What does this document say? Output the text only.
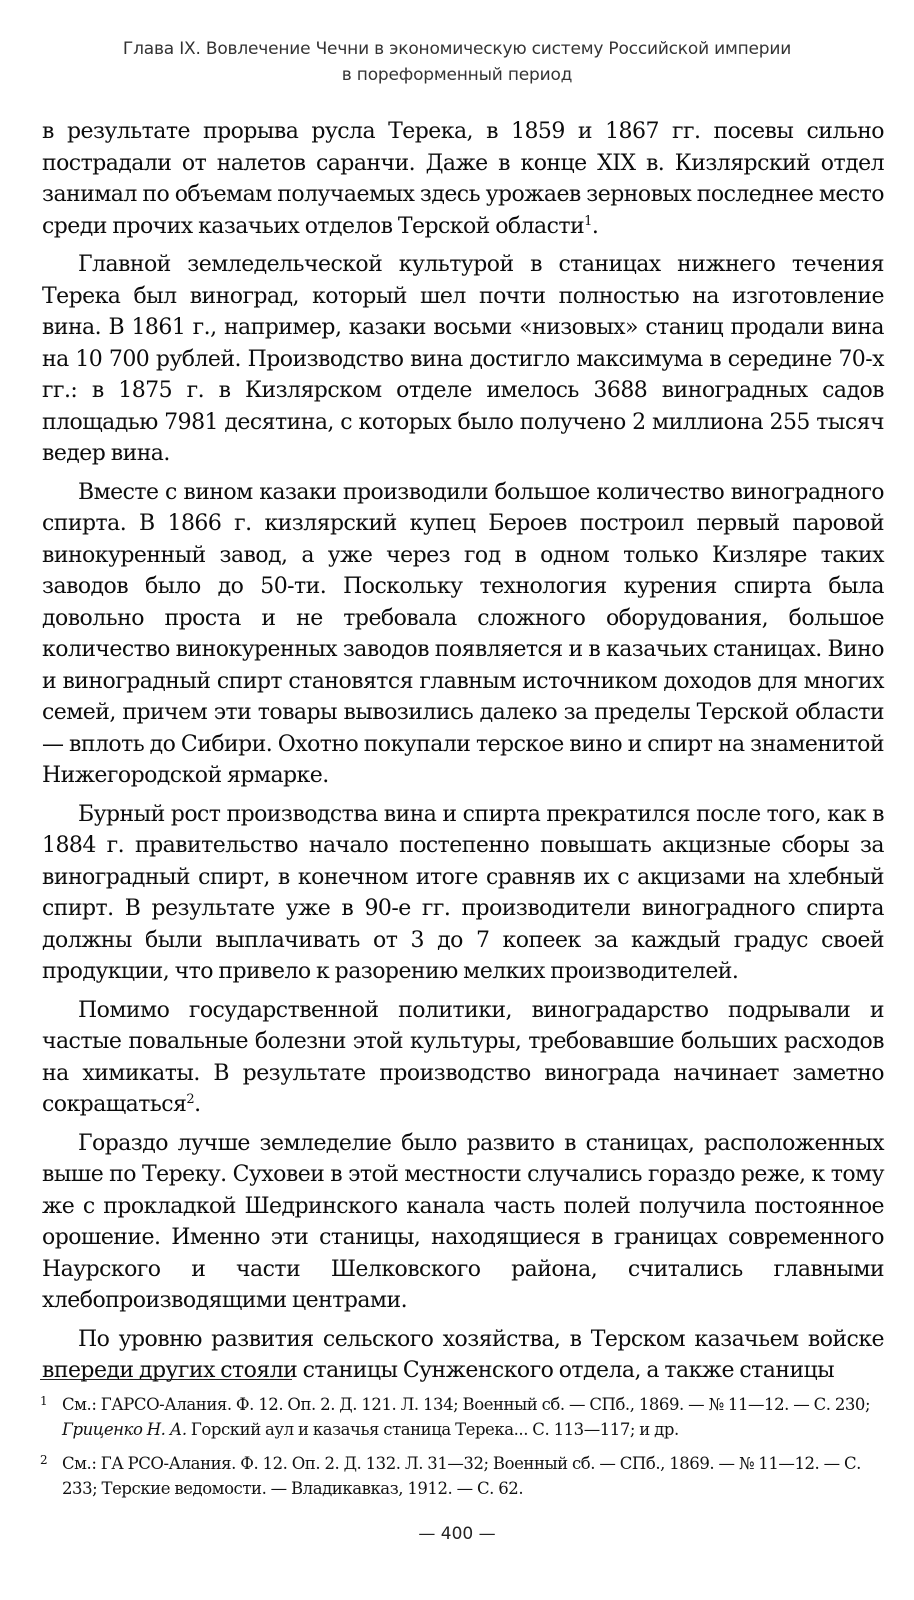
Глава IX. Вовлечение Чечни в экономическую систему Российской империи
в пореформенный период

в результате прорыва русла Терека, в 1859 и 1867 гг. посевы сильно пострадали от налетов саранчи. Даже в конце XIX в. Кизлярский отдел занимал по объемам получаемых здесь урожаев зерновых последнее место среди прочих казачьих отделов Терской области$^1$.

Главной земледельческой культурой в станицах нижнего течения Терека был виноград, который шел почти полностью на изготовление вина. В 1861 г., например, казаки восьми «низовых» станиц продали вина на 10 700 рублей. Производство вина достигло максимума в середине 70-х гг.: в 1875 г. в Кизлярском отделе имелось 3688 виноградных садов площадью 7981 десятина, с которых было получено 2 миллиона 255 тысяч ведер вина.

Вместе с вином казаки производили большое количество виноградного спирта. В 1866 г. кизлярский купец Бероев построил первый паровой винокуренный завод, а уже через год в одном только Кизляре таких заводов было до 50-ти. Поскольку технология курения спирта была довольно проста и не требовала сложного оборудования, большое количество винокуренных заводов появляется и в казачьих станицах. Вино и виноградный спирт становятся главным источником доходов для многих семей, причем эти товары вывозились далеко за пределы Терской области — вплоть до Сибири. Охотно покупали терское вино и спирт на знаменитой Нижегородской ярмарке.

Бурный рост производства вина и спирта прекратился после того, как в 1884 г. правительство начало постепенно повышать акцизные сборы за виноградный спирт, в конечном итоге сравняв их с акцизами на хлебный спирт. В результате уже в 90-е гг. производители виноградного спирта должны были выплачивать от 3 до 7 копеек за каждый градус своей продукции, что привело к разорению мелких производителей.

Помимо государственной политики, виноградарство подрывали и частые повальные болезни этой культуры, требовавшие больших расходов на химикаты. В результате производство винограда начинает заметно сокращаться$^2$.

Гораздо лучше земледелие было развито в станицах, расположенных выше по Тереку. Суховеи в этой местности случались гораздо реже, к тому же с прокладкой Шедринского канала часть полей получила постоянное орошение. Именно эти станицы, находящиеся в границах современного Наурского и части Шелковского района, считались главными хлебопроизводящими центрами.

По уровню развития сельского хозяйства, в Терском казачьем войске впереди других стояли станицы Сунженского отдела, а также станицы

1 См.: ГАРСО-Алания. Ф. 12. Оп. 2. Д. 121. Л. 134; Военный сб. — СПб., 1869. — № 11—12. — С. 230; Гриценко Н. А. Горский аул и казачья станица Терека... С. 113—117; и др.
2 См.: ГА РСО-Алания. Ф. 12. Оп. 2. Д. 132. Л. 31—32; Военный сб. — СПб., 1869. — № 11—12. — С. 233; Терские ведомости. — Владикавказ, 1912. — С. 62.
— 400 —
